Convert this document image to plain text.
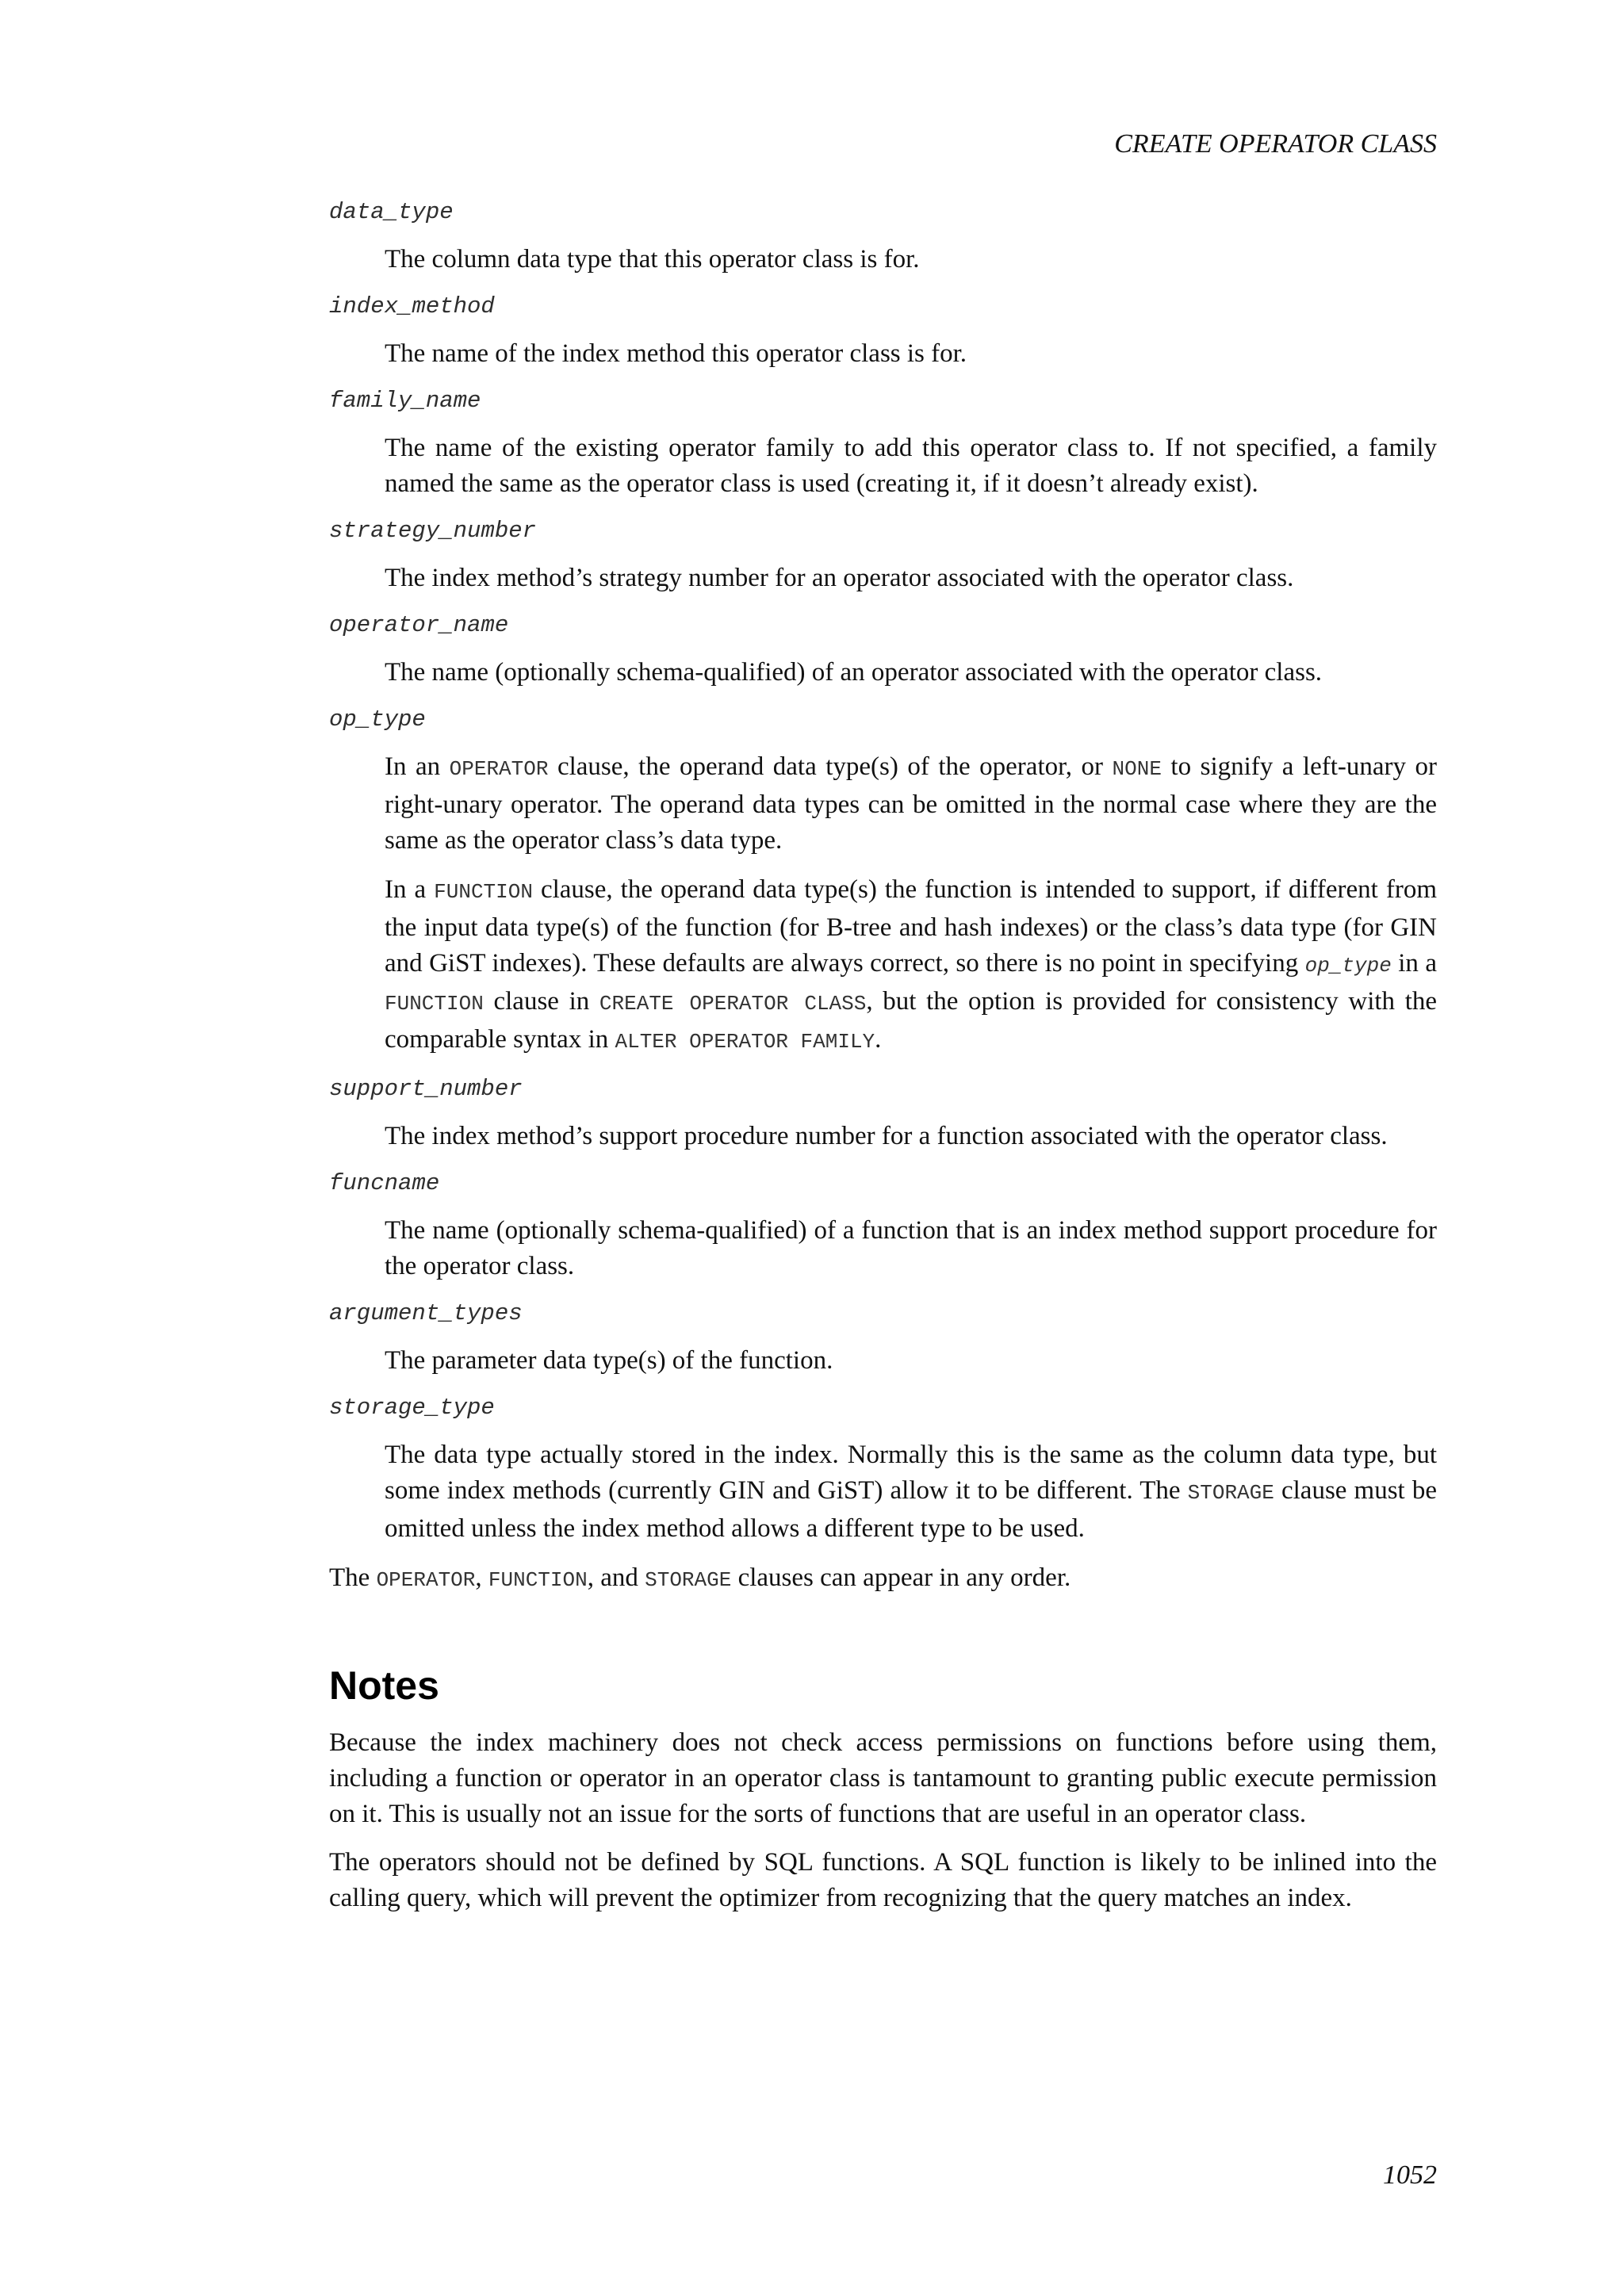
CREATE OPERATOR CLASS

data_type

The column data type that this operator class is for.

index_method

The name of the index method this operator class is for.

family_name

The name of the existing operator family to add this operator class to. If not specified, a family named the same as the operator class is used (creating it, if it doesn’t already exist).

strategy_number

The index method’s strategy number for an operator associated with the operator class.

operator_name

The name (optionally schema-qualified) of an operator associated with the operator class.

op_type

In an OPERATOR clause, the operand data type(s) of the operator, or NONE to signify a left-unary or right-unary operator. The operand data types can be omitted in the normal case where they are the same as the operator class’s data type.

In a FUNCTION clause, the operand data type(s) the function is intended to support, if different from the input data type(s) of the function (for B-tree and hash indexes) or the class’s data type (for GIN and GiST indexes). These defaults are always correct, so there is no point in specifying op_type in a FUNCTION clause in CREATE OPERATOR CLASS, but the option is provided for consistency with the comparable syntax in ALTER OPERATOR FAMILY.

support_number

The index method’s support procedure number for a function associated with the operator class.

funcname

The name (optionally schema-qualified) of a function that is an index method support procedure for the operator class.

argument_types

The parameter data type(s) of the function.

storage_type

The data type actually stored in the index. Normally this is the same as the column data type, but some index methods (currently GIN and GiST) allow it to be different. The STORAGE clause must be omitted unless the index method allows a different type to be used.

The OPERATOR, FUNCTION, and STORAGE clauses can appear in any order.

Notes

Because the index machinery does not check access permissions on functions before using them, including a function or operator in an operator class is tantamount to granting public execute permission on it. This is usually not an issue for the sorts of functions that are useful in an operator class.

The operators should not be defined by SQL functions. A SQL function is likely to be inlined into the calling query, which will prevent the optimizer from recognizing that the query matches an index.

1052
